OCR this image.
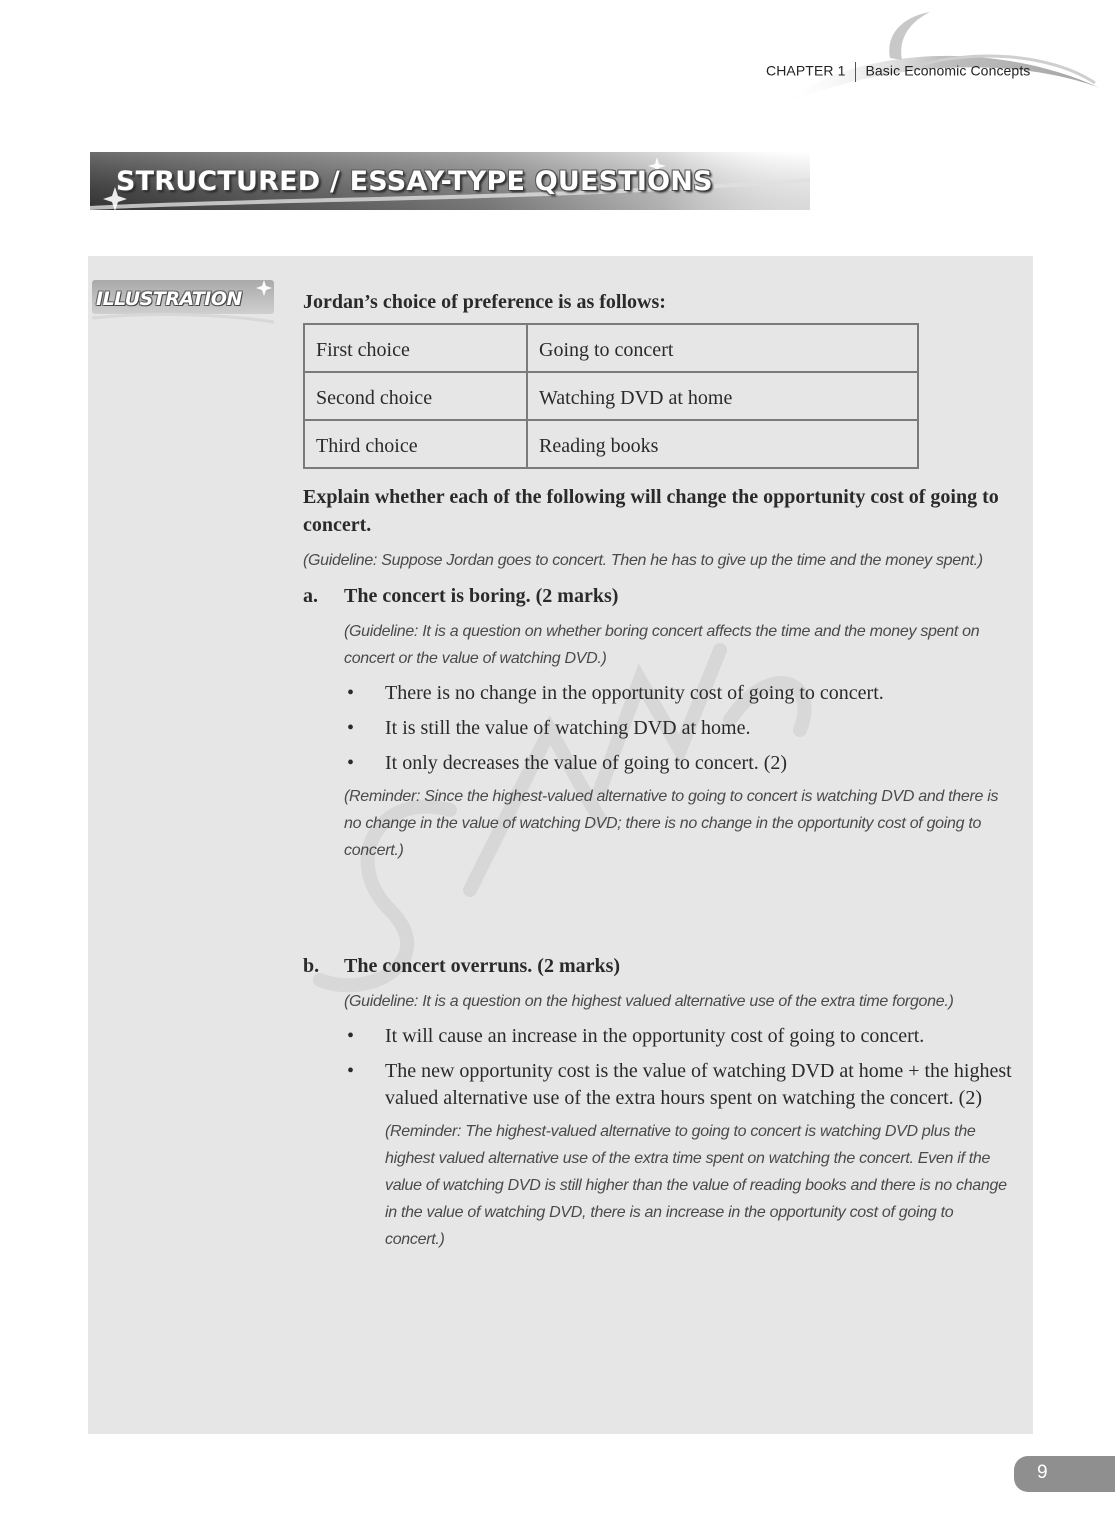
CHAPTER 1 Basic Economic Concepts
STRUCTURED / ESSAY-TYPE QUESTIONS
ILLUSTRATION	Jordan’s choice of preference is as follows:

First choice	Going to concert
Second choice	Watching DVD at home
Third choice	Reading books

Explain whether each of the following will change the opportunity cost of going to concert.

(Guideline: Suppose Jordan goes to concert. Then he has to give up the time and the money spent.)

a. The concert is boring. (2 marks)

(Guideline: It is a question on whether boring concert affects the time and the money spent on concert or the value of watching DVD.)

• There is no change in the opportunity cost of going to concert.
• It is still the value of watching DVD at home.
• It only decreases the value of going to concert. (2)

(Reminder: Since the highest-valued alternative to going to concert is watching DVD and there is no change in the value of watching DVD; there is no change in the opportunity cost of going to concert.)

b. The concert overruns. (2 marks)

(Guideline: It is a question on the highest valued alternative use of the extra time forgone.)

• It will cause an increase in the opportunity cost of going to concert.
• The new opportunity cost is the value of watching DVD at home + the highest valued alternative use of the extra hours spent on watching the concert. (2)

(Reminder: The highest-valued alternative to going to concert is watching DVD plus the highest valued alternative use of the extra time spent on watching the concert. Even if the value of watching DVD is still higher than the value of reading books and there is no change in the value of watching DVD, there is an increase in the opportunity cost of going to concert.)

9
